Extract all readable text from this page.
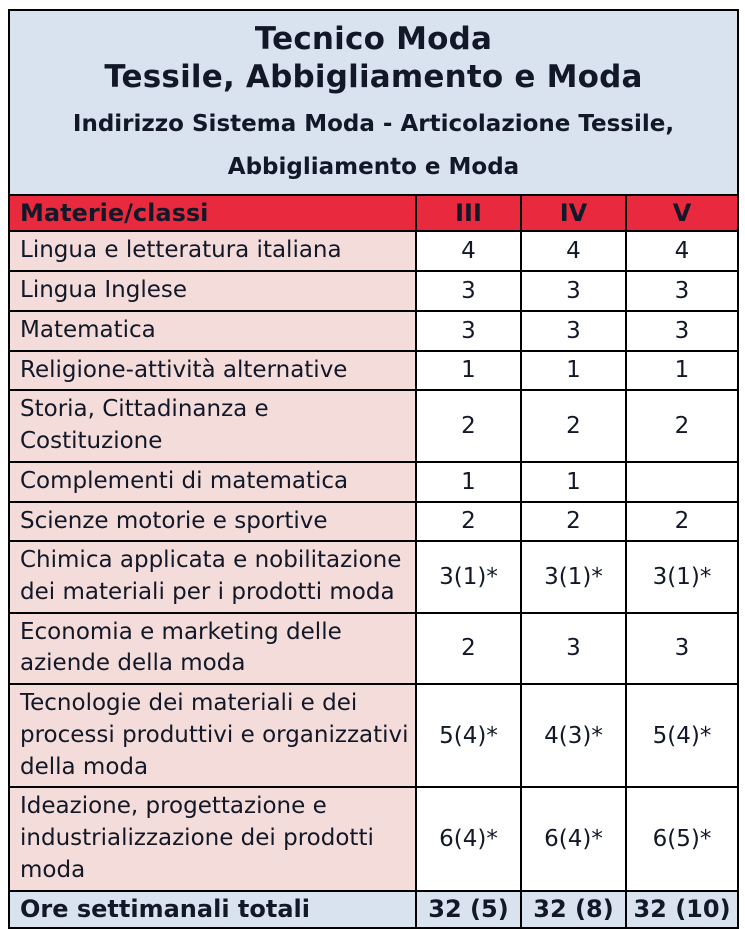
Tecnico Moda
Tessile, Abbigliamento e Moda
Indirizzo Sistema Moda - Articolazione Tessile,
Abbigliamento e Moda			

Materie/classi	III	IV	V
Lingua e letteratura italiana	4	4	4
Lingua Inglese	3	3	3
Matematica	3	3	3
Religione-attività alternative	1	1	1
Storia, Cittadinanza e Costituzione	2	2	2
Complementi di matematica	1	1	
Scienze motorie e sportive	2	2	2
Chimica applicata e nobilitazione dei materiali per i prodotti moda	3(1)*	3(1)*	3(1)*
Economia e marketing delle aziende della moda	2	3	3
Tecnologie dei materiali e dei processi produttivi e organizzativi della moda	5(4)*	4(3)*	5(4)*
Ideazione, progettazione e industrializzazione dei prodotti moda	6(4)*	6(4)*	6(5)*
Ore settimanali totali	32 (5)	32 (8)	32 (10)
